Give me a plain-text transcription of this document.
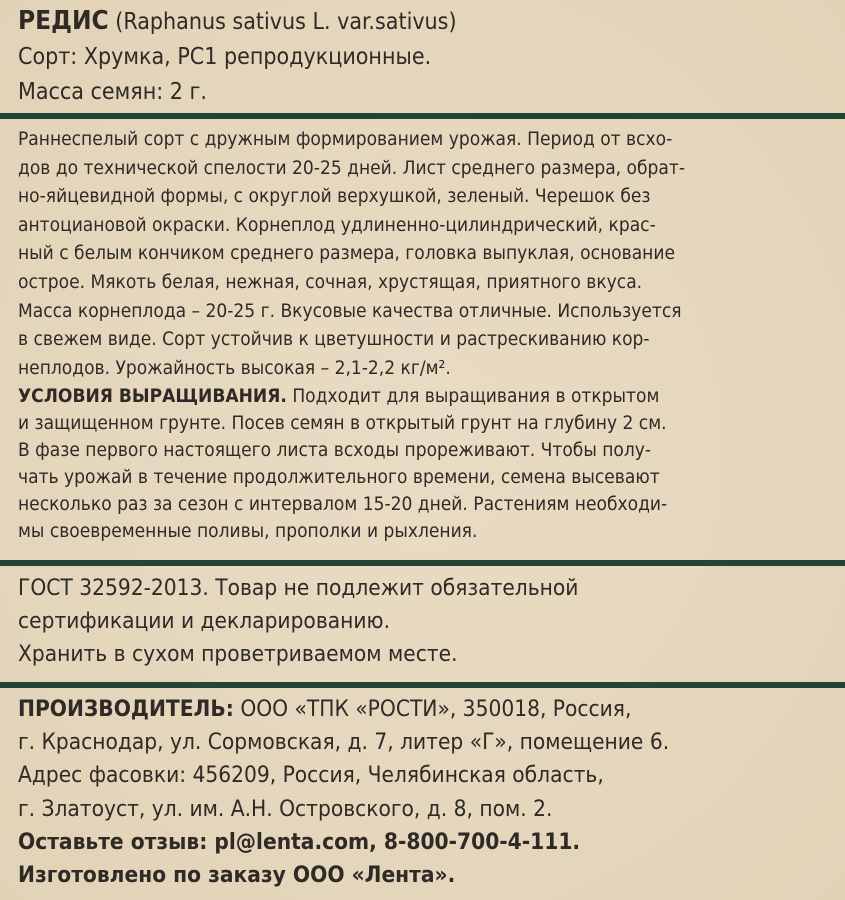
РЕДИС (Raphanus sativus L. var.sativus)
Сорт: Хрумка, РС1 репродукционные.
Масса семян: 2 г.
Раннеспелый сорт с дружным формированием урожая. Период от всхо-
дов до технической спелости 20-25 дней. Лист среднего размера, обрат-
но-яйцевидной формы, с округлой верхушкой, зеленый. Черешок без
антоциановой окраски. Корнеплод удлиненно-цилиндрический, крас-
ный с белым кончиком среднего размера, головка выпуклая, основание
острое. Мякоть белая, нежная, сочная, хрустящая, приятного вкуса.
Масса корнеплода – 20-25 г. Вкусовые качества отличные. Используется
в свежем виде. Сорт устойчив к цветушности и растрескиванию кор-
неплодов. Урожайность высокая – 2,1-2,2 кг/м².
УСЛОВИЯ ВЫРАЩИВАНИЯ. Подходит для выращивания в открытом
и защищенном грунте. Посев семян в открытый грунт на глубину 2 см.
В фазе первого настоящего листа всходы прореживают. Чтобы полу-
чать урожай в течение продолжительного времени, семена высевают
несколько раз за сезон с интервалом 15-20 дней. Растениям необходи-
мы своевременные поливы, прополки и рыхления.
ГОСТ 32592-2013. Товар не подлежит обязательной
сертификации и декларированию.
Хранить в сухом проветриваемом месте.
ПРОИЗВОДИТЕЛЬ: ООО «ТПК «РОСТИ», 350018, Россия,
г. Краснодар, ул. Сормовская, д. 7, литер «Г», помещение 6.
Адрес фасовки: 456209, Россия, Челябинская область,
г. Златоуст, ул. им. А.Н. Островского, д. 8, пом. 2.
Оставьте отзыв: pl@lenta.com, 8-800-700-4-111.
Изготовлено по заказу ООО «Лента».
